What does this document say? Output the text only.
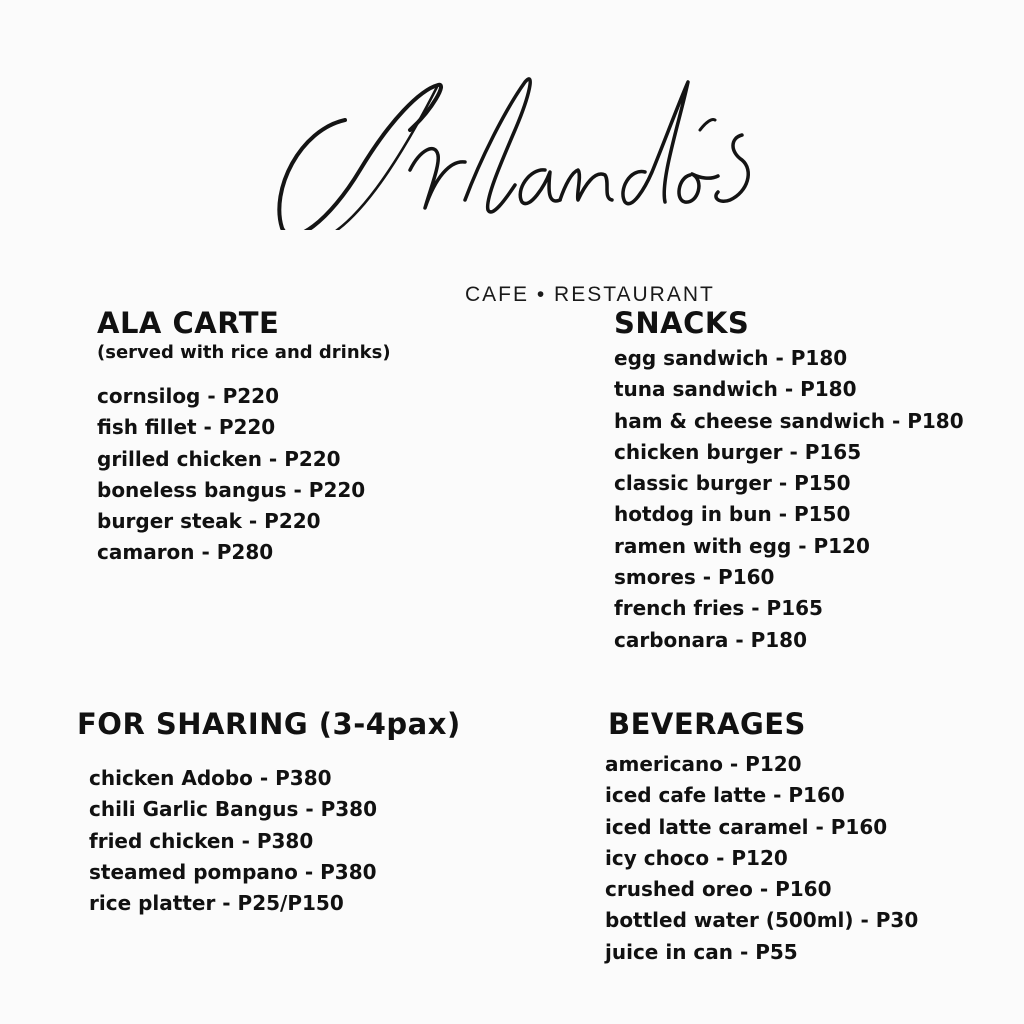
CAFE • RESTAURANT
ALA CARTE

(served with rice and drinks)

cornsilog - P220
fish fillet - P220
grilled chicken - P220
boneless bangus - P220
burger steak - P220
camaron - P280
SNACKS
egg sandwich - P180
tuna sandwich - P180
ham & cheese sandwich - P180
chicken burger - P165
classic burger - P150
hotdog in bun - P150
ramen with egg - P120
smores - P160
french fries - P165
carbonara - P180
FOR SHARING (3-4pax)
chicken Adobo - P380
chili Garlic Bangus - P380
fried chicken - P380
steamed pompano - P380
rice platter - P25/P150
BEVERAGES
americano - P120
iced cafe latte - P160
iced latte caramel - P160
icy choco - P120
crushed oreo - P160
bottled water (500ml) - P30
juice in can - P55
